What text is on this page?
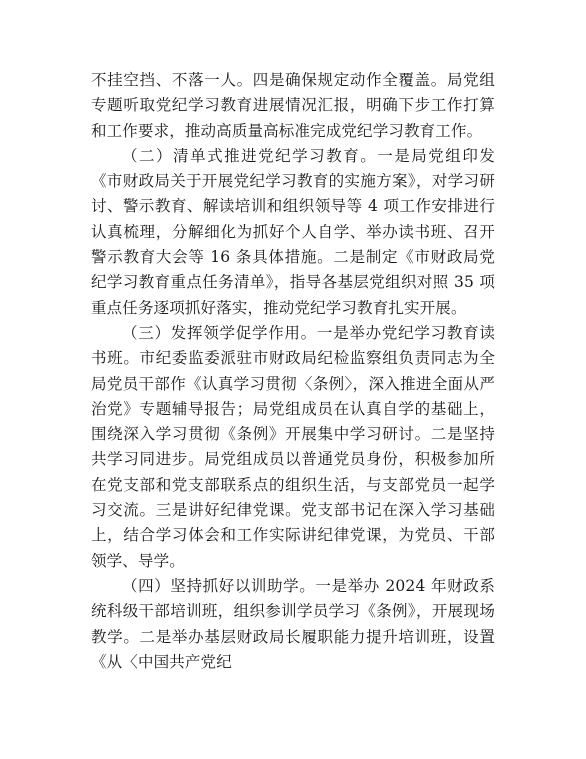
不挂空挡、不落一人。四是确保规定动作全覆盖。局党组专题听取党纪学习教育进展情况汇报，明确下步工作打算和工作要求，推动高质量高标准完成党纪学习教育工作。

（二）清单式推进党纪学习教育。一是局党组印发《市财政局关于开展党纪学习教育的实施方案》，对学习研讨、警示教育、解读培训和组织领导等 4 项工作安排进行认真梳理，分解细化为抓好个人自学、举办读书班、召开警示教育大会等 16 条具体措施。二是制定《市财政局党纪学习教育重点任务清单》，指导各基层党组织对照 35 项重点任务逐项抓好落实，推动党纪学习教育扎实开展。

（三）发挥领学促学作用。一是举办党纪学习教育读书班。市纪委监委派驻市财政局纪检监察组负责同志为全局党员干部作《认真学习贯彻〈条例〉，深入推进全面从严治党》专题辅导报告；局党组成员在认真自学的基础上，围绕深入学习贯彻《条例》开展集中学习研讨。二是坚持共学习同进步。局党组成员以普通党员身份，积极参加所在党支部和党支部联系点的组织生活，与支部党员一起学习交流。三是讲好纪律党课。党支部书记在深入学习基础上，结合学习体会和工作实际讲纪律党课，为党员、干部领学、导学。

（四）坚持抓好以训助学。一是举办 2024 年财政系统科级干部培训班，组织参训学员学习《条例》，开展现场教学。二是举办基层财政局长履职能力提升培训班，设置《从〈中国共产党纪
